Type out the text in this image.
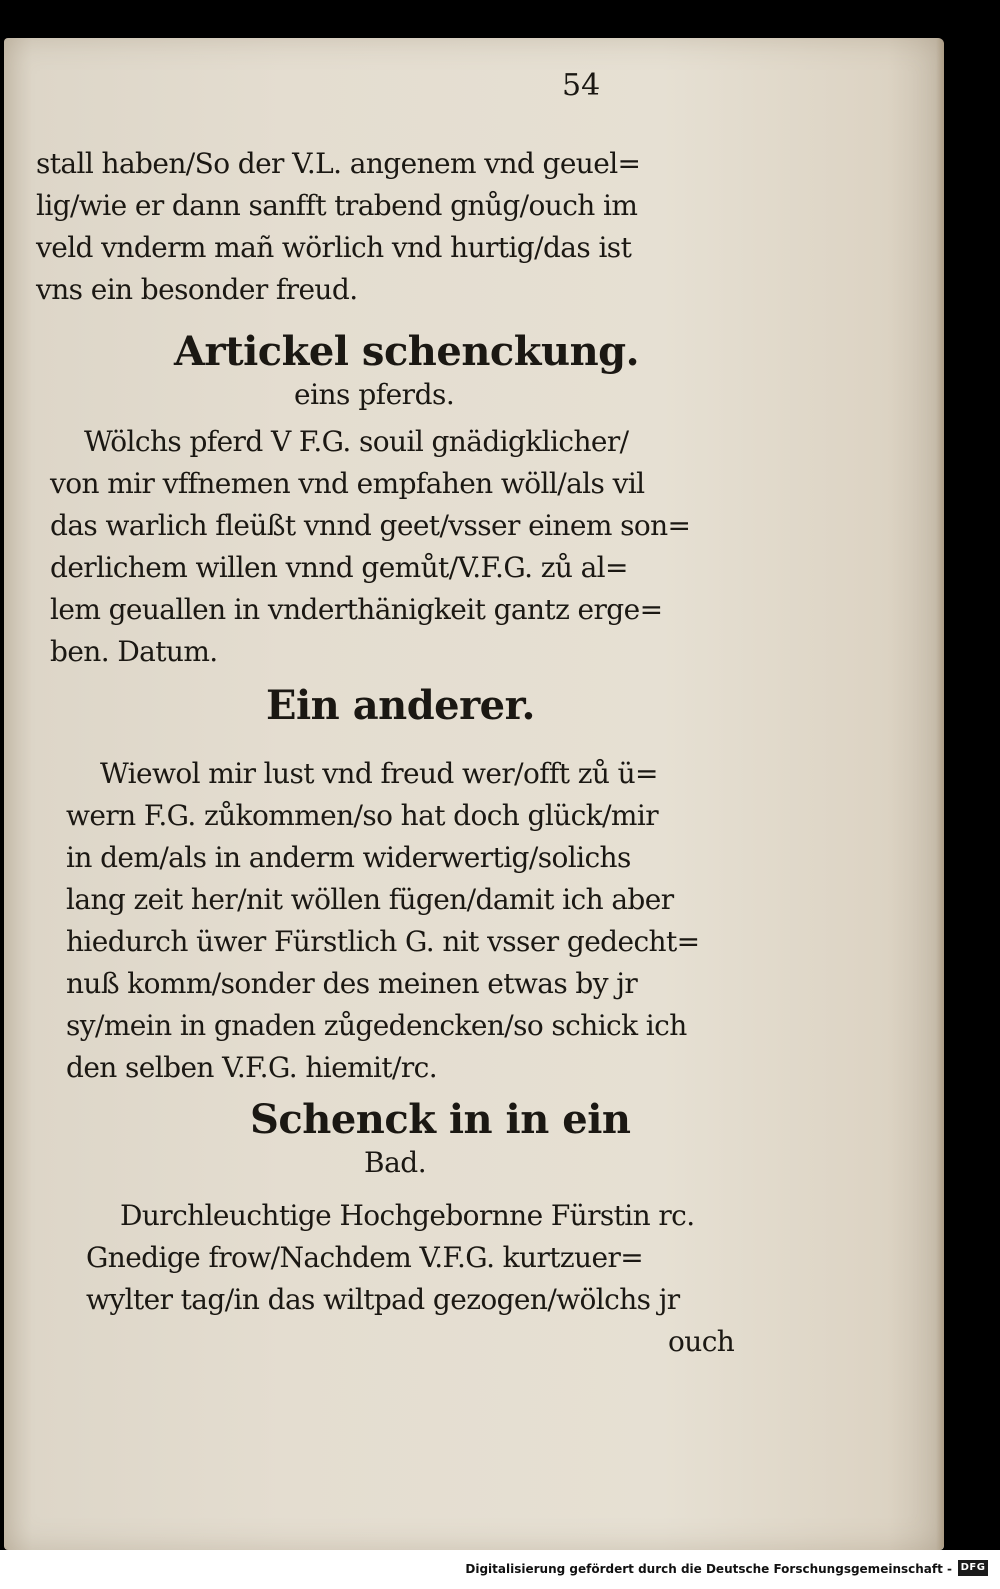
54
stall haben/So der V.L. angenem vnd geuel=
lig/wie er dann sanfft trabend gnůg/ouch im
veld vnderm mañ wörlich vnd hurtig/das ist
vns ein besonder freud.
Artickel schenckung.
eins pferds.
Wölchs pferd V F.G. souil gnädigklicher/
von mir vffnemen vnd empfahen wöll/als vil
das warlich fleüßt vnnd geet/vsser einem son=
derlichem willen vnnd gemůt/V.F.G. zů al=
lem geuallen in vnderthänigkeit gantz erge=
ben. Datum.
Ein anderer.
Wiewol mir lust vnd freud wer/offt zů ü=
wern F.G. zůkommen/so hat doch glück/mir
in dem/als in anderm widerwertig/solichs
lang zeit her/nit wöllen fügen/damit ich aber
hiedurch üwer Fürstlich G. nit vsser gedecht=
nuß komm/sonder des meinen etwas by jr
sy/mein in gnaden zůgedencken/so schick ich
den selben V.F.G. hiemit/rc.
Schenck in in ein
Bad.
Durchleuchtige Hochgebornne Fürstin rc.
Gnedige frow/Nachdem V.F.G. kurtzuer=
wylter tag/in das wiltpad gezogen/wölchs jr
ouch
Digitalisierung gefördert durch die Deutsche Forschungsgemeinschaft - DFG
